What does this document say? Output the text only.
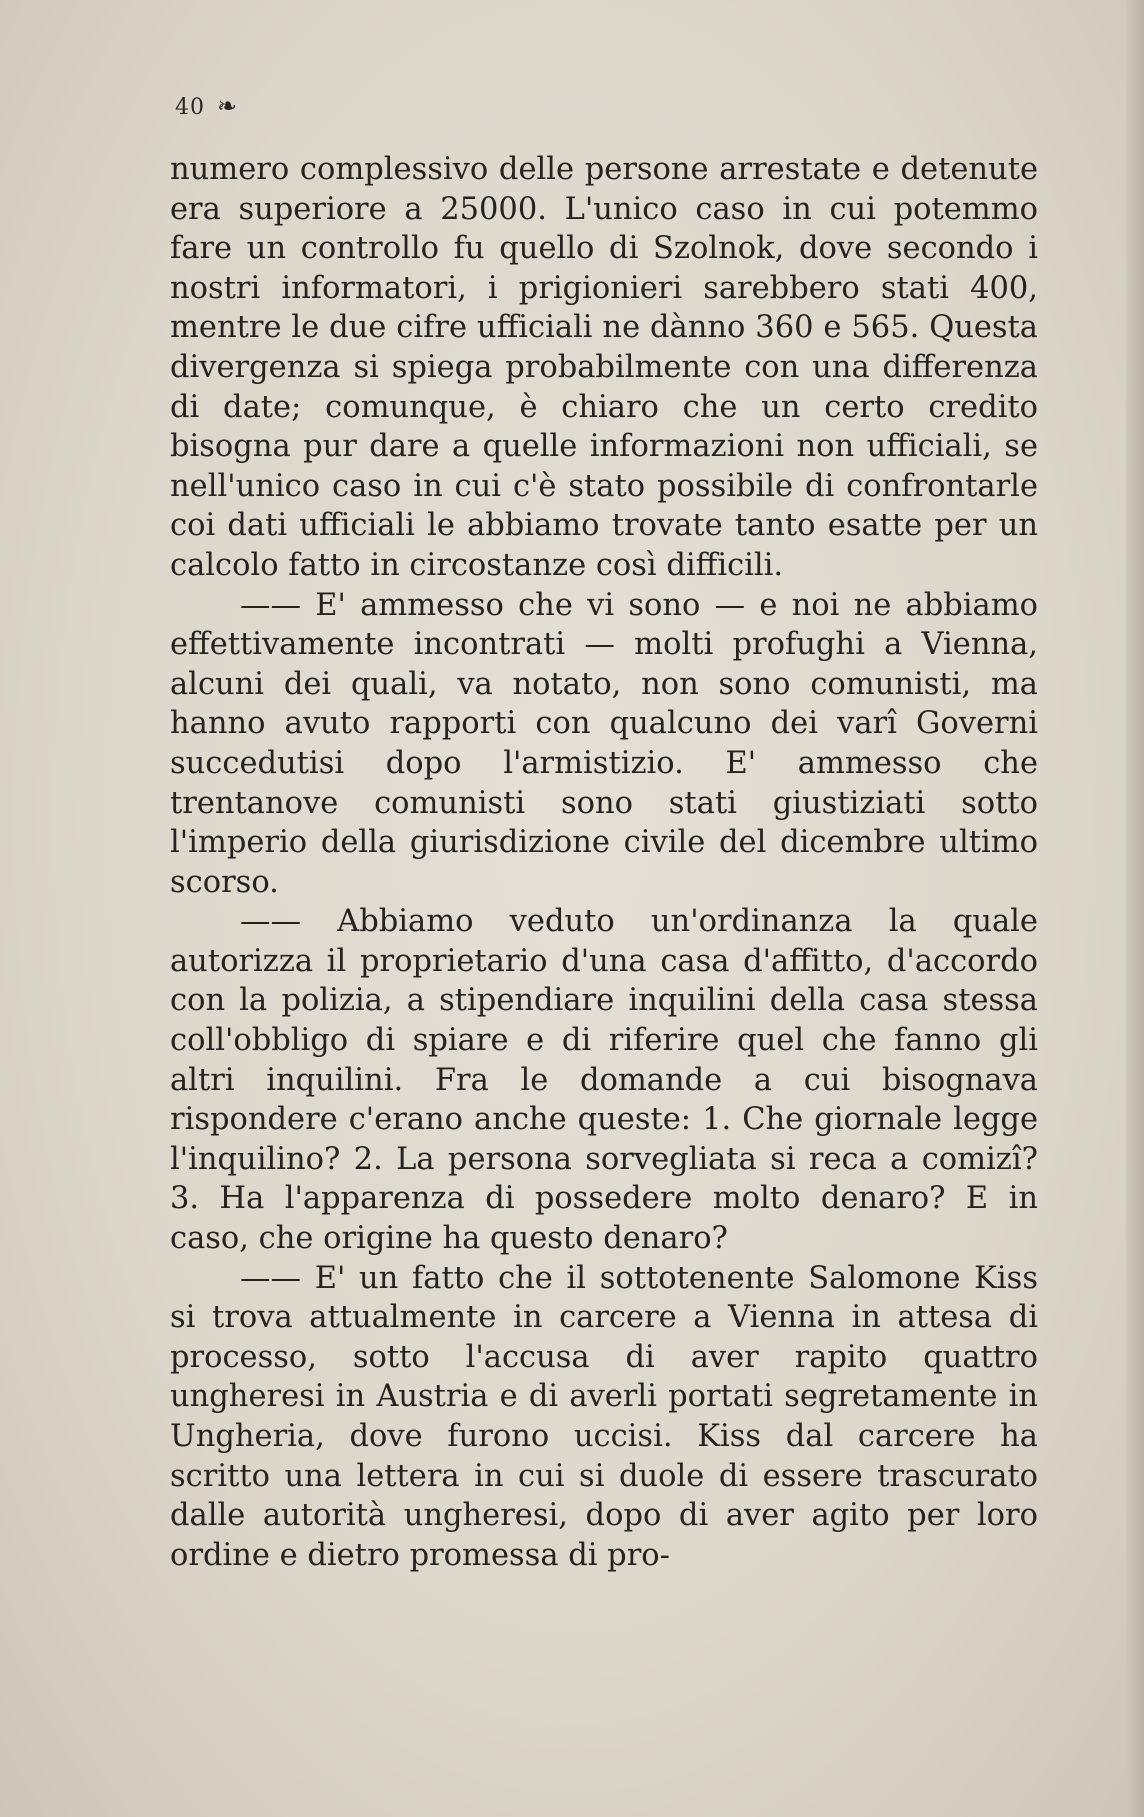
40 ❧

numero complessivo delle persone arrestate e detenute era superiore a 25000. L'unico caso in cui potemmo fare un controllo fu quello di Szolnok, dove secondo i nostri informatori, i prigionieri sarebbero stati 400, mentre le due cifre ufficiali ne dànno 360 e 565. Questa divergenza si spiega probabilmente con una differenza di date; comunque, è chiaro che un certo credito bisogna pur dare a quelle informazioni non ufficiali, se nell'unico caso in cui c'è stato possibile di confrontarle coi dati ufficiali le abbiamo trovate tanto esatte per un calcolo fatto in circostanze così difficili.

—— E' ammesso che vi sono — e noi ne abbiamo effettivamente incontrati — molti profughi a Vienna, alcuni dei quali, va notato, non sono comunisti, ma hanno avuto rapporti con qualcuno dei varî Governi succedutisi dopo l'armistizio. E' ammesso che trentanove comunisti sono stati giustiziati sotto l'imperio della giurisdizione civile del dicembre ultimo scorso.

—— Abbiamo veduto un'ordinanza la quale autorizza il proprietario d'una casa d'affitto, d'accordo con la polizia, a stipendiare inquilini della casa stessa coll'obbligo di spiare e di riferire quel che fanno gli altri inquilini. Fra le domande a cui bisognava rispondere c'erano anche queste: 1. Che giornale legge l'inquilino? 2. La persona sorvegliata si reca a comizî? 3. Ha l'apparenza di possedere molto denaro? E in caso, che origine ha questo denaro?

—— E' un fatto che il sottotenente Salomone Kiss si trova attualmente in carcere a Vienna in attesa di processo, sotto l'accusa di aver rapito quattro ungheresi in Austria e di averli portati segretamente in Ungheria, dove furono uccisi. Kiss dal carcere ha scritto una lettera in cui si duole di essere trascurato dalle autorità ungheresi, dopo di aver agito per loro ordine e dietro promessa di pro-
